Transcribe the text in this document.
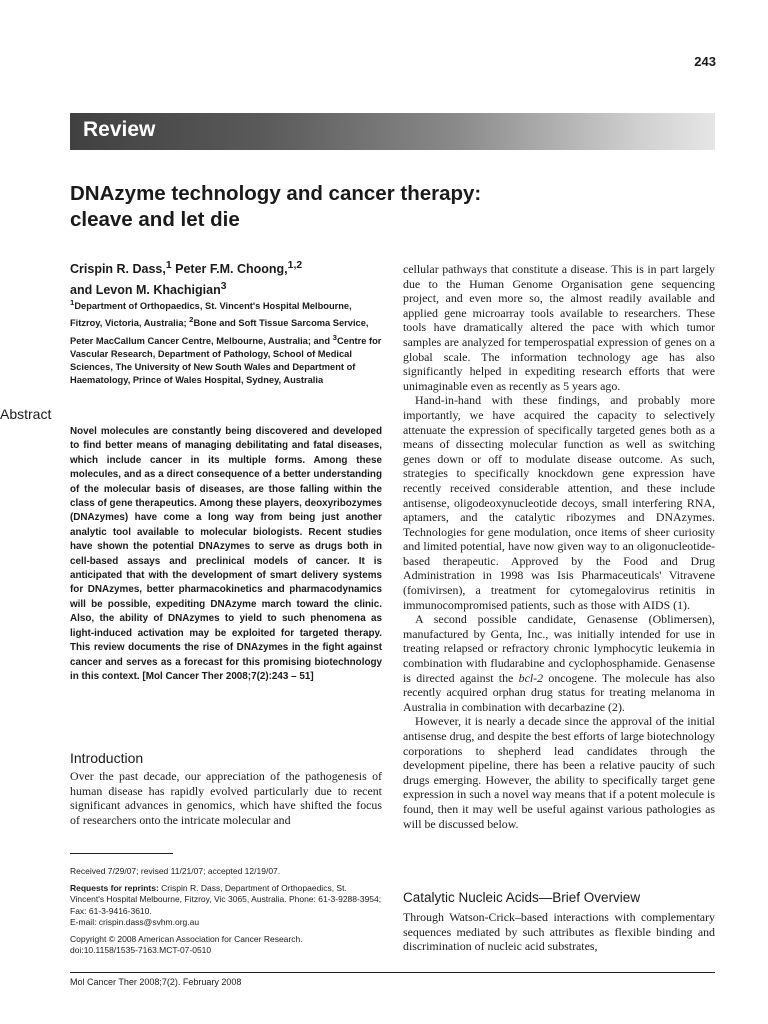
243
Review
DNAzyme technology and cancer therapy:
cleave and let die
Crispin R. Dass,$^1$ Peter F.M. Choong,$^{1,2}$
and Levon M. Khachigian$^3$
$^1$Department of Orthopaedics, St. Vincent's Hospital Melbourne, Fitzroy, Victoria, Australia; $^2$Bone and Soft Tissue Sarcoma Service, Peter MacCallum Cancer Centre, Melbourne, Australia; and $^3$Centre for Vascular Research, Department of Pathology, School of Medical Sciences, The University of New South Wales and Department of Haematology, Prince of Wales Hospital, Sydney, Australia
Abstract

Novel molecules are constantly being discovered and developed to find better means of managing debilitating and fatal diseases, which include cancer in its multiple forms. Among these molecules, and as a direct consequence of a better understanding of the molecular basis of diseases, are those falling within the class of gene therapeutics. Among these players, deoxyribozymes (DNAzymes) have come a long way from being just another analytic tool available to molecular biologists. Recent studies have shown the potential DNAzymes to serve as drugs both in cell-based assays and preclinical models of cancer. It is anticipated that with the development of smart delivery systems for DNAzymes, better pharmacokinetics and pharmacodynamics will be possible, expediting DNAzyme march toward the clinic. Also, the ability of DNAzymes to yield to such phenomena as light-induced activation may be exploited for targeted therapy. This review documents the rise of DNAzymes in the fight against cancer and serves as a forecast for this promising biotechnology in this context. [Mol Cancer Ther 2008;7(2):243 – 51]

Introduction

Over the past decade, our appreciation of the pathogenesis of human disease has rapidly evolved particularly due to recent significant advances in genomics, which have shifted the focus of researchers onto the intricate molecular and

Received 7/29/07; revised 11/21/07; accepted 12/19/07.

Requests for reprints: Crispin R. Dass, Department of Orthopaedics, St. Vincent's Hospital Melbourne, Fitzroy, Vic 3065, Australia. Phone: 61-3-9288-3954; Fax: 61-3-9416-3610.

E-mail: crispin.dass@svhm.org.au

Copyright © 2008 American Association for Cancer Research.

doi:10.1158/1535-7163.MCT-07-0510

cellular pathways that constitute a disease. This is in part largely due to the Human Genome Organisation gene sequencing project, and even more so, the almost readily available and applied gene microarray tools available to researchers. These tools have dramatically altered the pace with which tumor samples are analyzed for temperospatial expression of genes on a global scale. The information technology age has also significantly helped in expediting research efforts that were unimaginable even as recently as 5 years ago.

Hand-in-hand with these findings, and probably more importantly, we have acquired the capacity to selectively attenuate the expression of specifically targeted genes both as a means of dissecting molecular function as well as switching genes down or off to modulate disease outcome. As such, strategies to specifically knockdown gene expression have recently received considerable attention, and these include antisense, oligodeoxynucleotide decoys, small interfering RNA, aptamers, and the catalytic ribozymes and DNAzymes. Technologies for gene modulation, once items of sheer curiosity and limited potential, have now given way to an oligonucleotide-based therapeutic. Approved by the Food and Drug Administration in 1998 was Isis Pharmaceuticals' Vitravene (fomivirsen), a treatment for cytomegalovirus retinitis in immunocompromised patients, such as those with AIDS (1).

A second possible candidate, Genasense (Oblimersen), manufactured by Genta, Inc., was initially intended for use in treating relapsed or refractory chronic lymphocytic leukemia in combination with fludarabine and cyclophosphamide. Genasense is directed against the bcl-2 oncogene. The molecule has also recently acquired orphan drug status for treating melanoma in Australia in combination with decarbazine (2).

However, it is nearly a decade since the approval of the initial antisense drug, and despite the best efforts of large biotechnology corporations to shepherd lead candidates through the development pipeline, there has been a relative paucity of such drugs emerging. However, the ability to specifically target gene expression in such a novel way means that if a potent molecule is found, then it may well be useful against various pathologies as will be discussed below.

Catalytic Nucleic Acids—Brief Overview

Through Watson-Crick–based interactions with complementary sequences mediated by such attributes as flexible binding and discrimination of nucleic acid substrates,

Mol Cancer Ther 2008;7(2). February 2008
